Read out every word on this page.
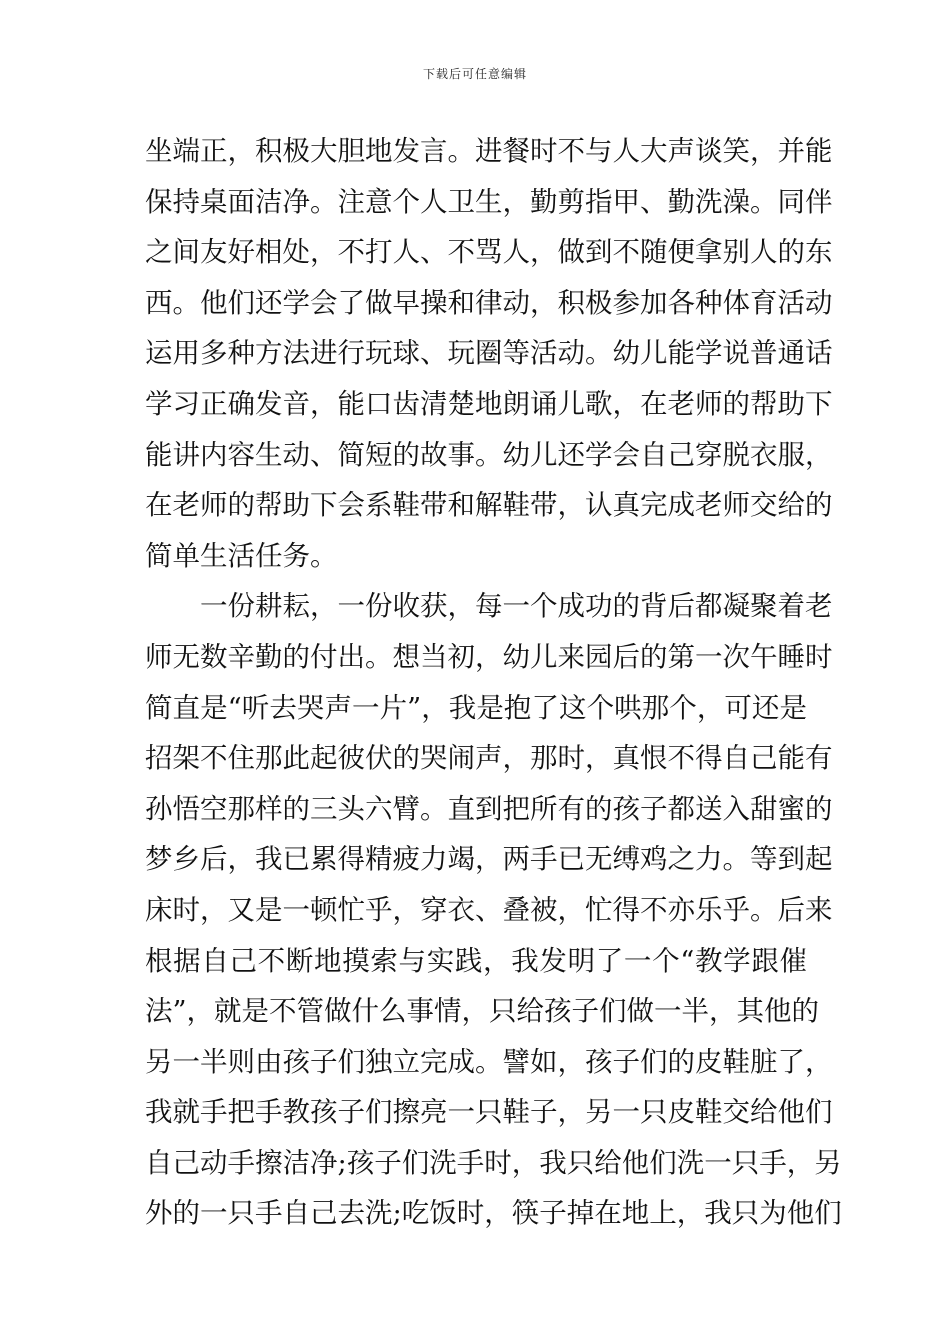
下载后可任意编辑
坐端正，积极大胆地发言。进餐时不与人大声谈笑，并能
保持桌面洁净。注意个人卫生，勤剪指甲、勤洗澡。同伴
之间友好相处，不打人、不骂人，做到不随便拿别人的东
西。他们还学会了做早操和律动，积极参加各种体育活动
运用多种方法进行玩球、玩圈等活动。幼儿能学说普通话
学习正确发音，能口齿清楚地朗诵儿歌，在老师的帮助下
能讲内容生动、简短的故事。幼儿还学会自己穿脱衣服，
在老师的帮助下会系鞋带和解鞋带，认真完成老师交给的
简单生活任务。
一份耕耘，一份收获，每一个成功的背后都凝聚着老
师无数辛勤的付出。想当初，幼儿来园后的第一次午睡时
简直是“听去哭声一片”，我是抱了这个哄那个，可还是
招架不住那此起彼伏的哭闹声，那时，真恨不得自己能有
孙悟空那样的三头六臂。直到把所有的孩子都送入甜蜜的
梦乡后，我已累得精疲力竭，两手已无缚鸡之力。等到起
床时，又是一顿忙乎，穿衣、叠被，忙得不亦乐乎。后来
根据自己不断地摸索与实践，我发明了一个“教学跟催
法”，就是不管做什么事情，只给孩子们做一半，其他的
另一半则由孩子们独立完成。譬如，孩子们的皮鞋脏了，
我就手把手教孩子们擦亮一只鞋子，另一只皮鞋交给他们
自己动手擦洁净;孩子们洗手时，我只给他们洗一只手，另
外的一只手自己去洗;吃饭时，筷子掉在地上，我只为他们
